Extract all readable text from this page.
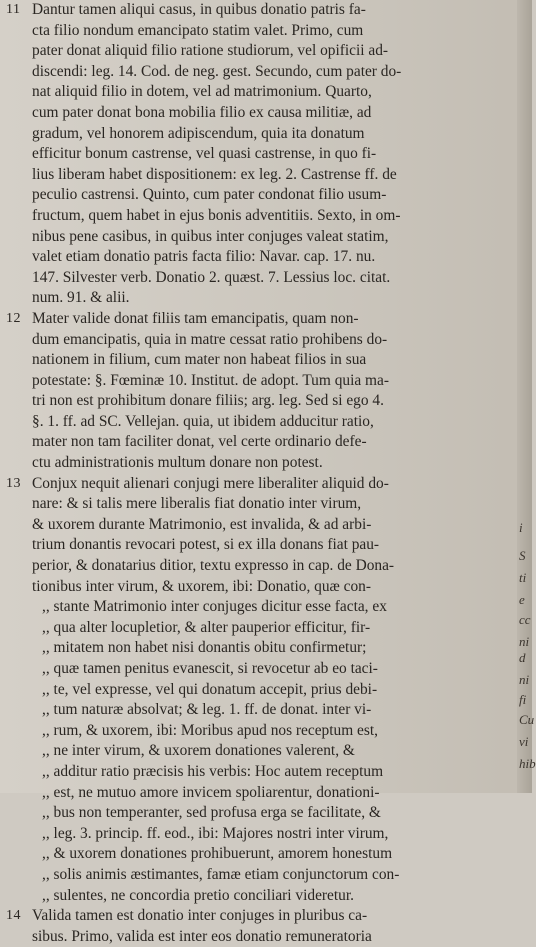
11 Dantur tamen aliqui casus, in quibus donatio patris fa-
cta filio nondum emancipato statim valet. Primo, cum
pater donat aliquid filio ratione studiorum, vel opificii ad-
discendi: leg. 14. Cod. de neg. gest. Secundo, cum pater do-
nat aliquid filio in dotem, vel ad matrimonium. Quarto,
cum pater donat bona mobilia filio ex causa militiæ, ad
gradum, vel honorem adipiscendum, quia ita donatum
efficitur bonum castrense, vel quasi castrense, in quo fi-
lius liberam habet dispositionem: ex leg. 2. Castrense ff. de
peculio castrensi. Quinto, cum pater condonat filio usum-
fructum, quem habet in ejus bonis adventitiis. Sexto, in om-
nibus pene casibus, in quibus inter conjuges valeat statim,
valet etiam donatio patris facta filio: Navar. cap. 17. nu.
147. Silvester verb. Donatio 2. quæst. 7. Lessius loc. citat.
num. 91. & alii.
12 Mater valide donat filiis tam emancipatis, quam non-
dum emancipatis, quia in matre cessat ratio prohibens do-
nationem in filium, cum mater non habeat filios in sua
potestate: §. Fœminæ 10. Institut. de adopt. Tum quia ma-
tri non est prohibitum donare filiis; arg. leg. Sed si ego 4.
§. 1. ff. ad SC. Vellejan. quia, ut ibidem adducitur ratio,
mater non tam faciliter donat, vel certe ordinario defe-
ctu administrationis multum donare non potest.
13 Conjux nequit alienari conjugi mere liberaliter aliquid do-
nare: & si talis mere liberalis fiat donatio inter virum,
& uxorem durante Matrimonio, est invalida, & ad arbi-
trium donantis revocari potest, si ex illa donans fiat pau-
perior, & donatarius ditior, textu expresso in cap. de Dona-
tionibus inter virum, & uxorem, ibi: Donatio, quæ con-
,, stante Matrimonio inter conjuges dicitur esse facta, ex
,, qua alter locupletior, & alter pauperior efficitur, fir-
,, mitatem non habet nisi donantis obitu confirmetur;
,, quæ tamen penitus evanescit, si revocetur ab eo taci-
,, te, vel expresse, vel qui donatum accepit, prius debi-
,, tum naturæ absolvat; & leg. 1. ff. de donat. inter vi-
,, rum, & uxorem, ibi: Moribus apud nos receptum est,
,, ne inter virum, & uxorem donationes valerent, &
,, additur ratio præcisis his verbis: Hoc autem receptum
,, est, ne mutuo amore invicem spoliarentur, donationi-
,, bus non temperanter, sed profusa erga se facilitate, &
,, leg. 3. princip. ff. eod., ibi: Majores nostri inter virum,
,, & uxorem donationes prohibuerunt, amorem honestum
,, solis animis æstimantes, famæ etiam conjunctorum con-
,, sulentes, ne concordia pretio conciliari videretur.
14 Valida tamen est donatio inter conjuges in pluribus ca-
sibus. Primo, valida est inter eos donatio remuneratoria
i
S
ti
e
cc
ni
d
ni
fi
Cu
vi
hib
